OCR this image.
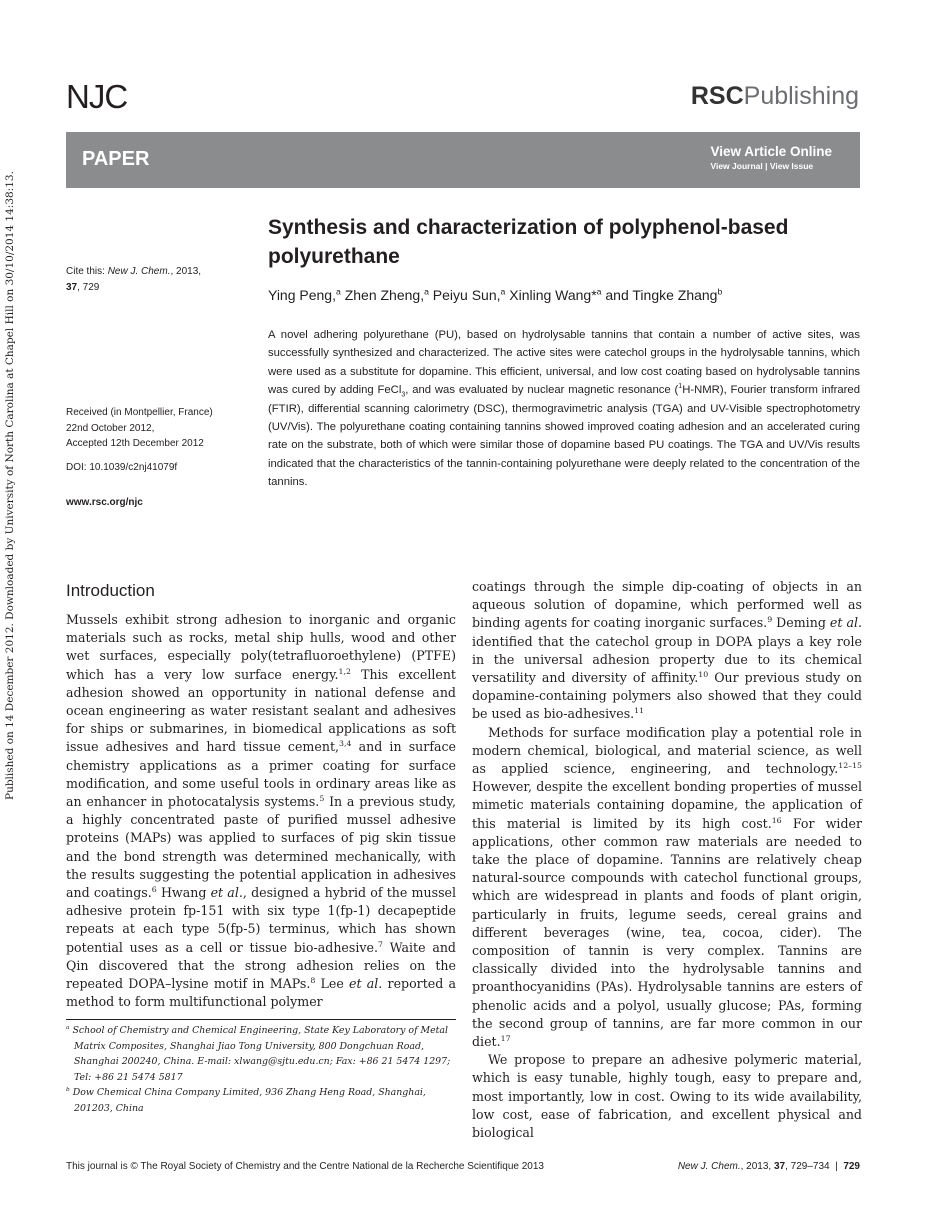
Published on 14 December 2012. Downloaded by University of North Carolina at Chapel Hill on 30/10/2014 14:38:13.
NJC	RSCPublishing
PAPER	View Article Online
View Journal | View Issue
Synthesis and characterization of polyphenol-based polyurethane
Ying Peng,$^a$ Zhen Zheng,$^a$ Peiyu Sun,$^a$ Xinling Wang*$^a$ and Tingke Zhang$^b$
A novel adhering polyurethane (PU), based on hydrolysable tannins that contain a number of active sites, was successfully synthesized and characterized. The active sites were catechol groups in the hydrolysable tannins, which were used as a substitute for dopamine. This efficient, universal, and low cost coating based on hydrolysable tannins was cured by adding FeCl$_3$, and was evaluated by nuclear magnetic resonance ($^1$H-NMR), Fourier transform infrared (FTIR), differential scanning calorimetry (DSC), thermogravimetric analysis (TGA) and UV-Visible spectrophotometry (UV/Vis). The polyurethane coating containing tannins showed improved coating adhesion and an accelerated curing rate on the substrate, both of which were similar those of dopamine based PU coatings. The TGA and UV/Vis results indicated that the characteristics of the tannin-containing polyurethane were deeply related to the concentration of the tannins.
Cite this: New J. Chem., 2013,
37, 729
Received (in Montpellier, France)
22nd October 2012,
Accepted 12th December 2012
DOI: 10.1039/c2nj41079f
www.rsc.org/njc
Introduction

Mussels exhibit strong adhesion to inorganic and organic materials such as rocks, metal ship hulls, wood and other wet surfaces, especially poly(tetrafluoroethylene) (PTFE) which has a very low surface energy.$^{1,2}$ This excellent adhesion showed an opportunity in national defense and ocean engineering as water resistant sealant and adhesives for ships or submarines, in biomedical applications as soft issue adhesives and hard tissue cement,$^{3,4}$ and in surface chemistry applications as a primer coating for surface modification, and some useful tools in ordinary areas like as an enhancer in photocatalysis systems.$^5$ In a previous study, a highly concentrated paste of purified mussel adhesive proteins (MAPs) was applied to surfaces of pig skin tissue and the bond strength was determined mechanically, with the results suggesting the potential application in adhesives and coatings.$^6$ Hwang et al., designed a hybrid of the mussel adhesive protein fp-151 with six type 1(fp-1) decapeptide repeats at each type 5(fp-5) terminus, which has shown potential uses as a cell or tissue bio-adhesive.$^7$ Waite and Qin discovered that the strong adhesion relies on the repeated DOPA–lysine motif in MAPs.$^8$ Lee et al. reported a method to form multifunctional polymer

coatings through the simple dip-coating of objects in an aqueous solution of dopamine, which performed well as binding agents for coating inorganic surfaces.$^9$ Deming et al. identified that the catechol group in DOPA plays a key role in the universal adhesion property due to its chemical versatility and diversity of affinity.$^{10}$ Our previous study on dopamine-containing polymers also showed that they could be used as bio-adhesives.$^{11}$

Methods for surface modification play a potential role in modern chemical, biological, and material science, as well as applied science, engineering, and technology.$^{12-15}$ However, despite the excellent bonding properties of mussel mimetic materials containing dopamine, the application of this material is limited by its high cost.$^{16}$ For wider applications, other common raw materials are needed to take the place of dopamine. Tannins are relatively cheap natural-source compounds with catechol functional groups, which are widespread in plants and foods of plant origin, particularly in fruits, legume seeds, cereal grains and different beverages (wine, tea, cocoa, cider). The composition of tannin is very complex. Tannins are classically divided into the hydrolysable tannins and proanthocyanidins (PAs). Hydrolysable tannins are esters of phenolic acids and a polyol, usually glucose; PAs, forming the second group of tannins, are far more common in our diet.$^{17}$

We propose to prepare an adhesive polymeric material, which is easy tunable, highly tough, easy to prepare and, most importantly, low in cost. Owing to its wide availability, low cost, ease of fabrication, and excellent physical and biological

$^a$ School of Chemistry and Chemical Engineering, State Key Laboratory of Metal Matrix Composites, Shanghai Jiao Tong University, 800 Dongchuan Road, Shanghai 200240, China. E-mail: xlwang@sjtu.edu.cn; Fax: +86 21 5474 1297; Tel: +86 21 5474 5817

$^b$ Dow Chemical China Company Limited, 936 Zhang Heng Road, Shanghai, 201203, China

This journal is © The Royal Society of Chemistry and the Centre National de la Recherche Scientifique 2013	New J. Chem., 2013, 37, 729–734  |  729
